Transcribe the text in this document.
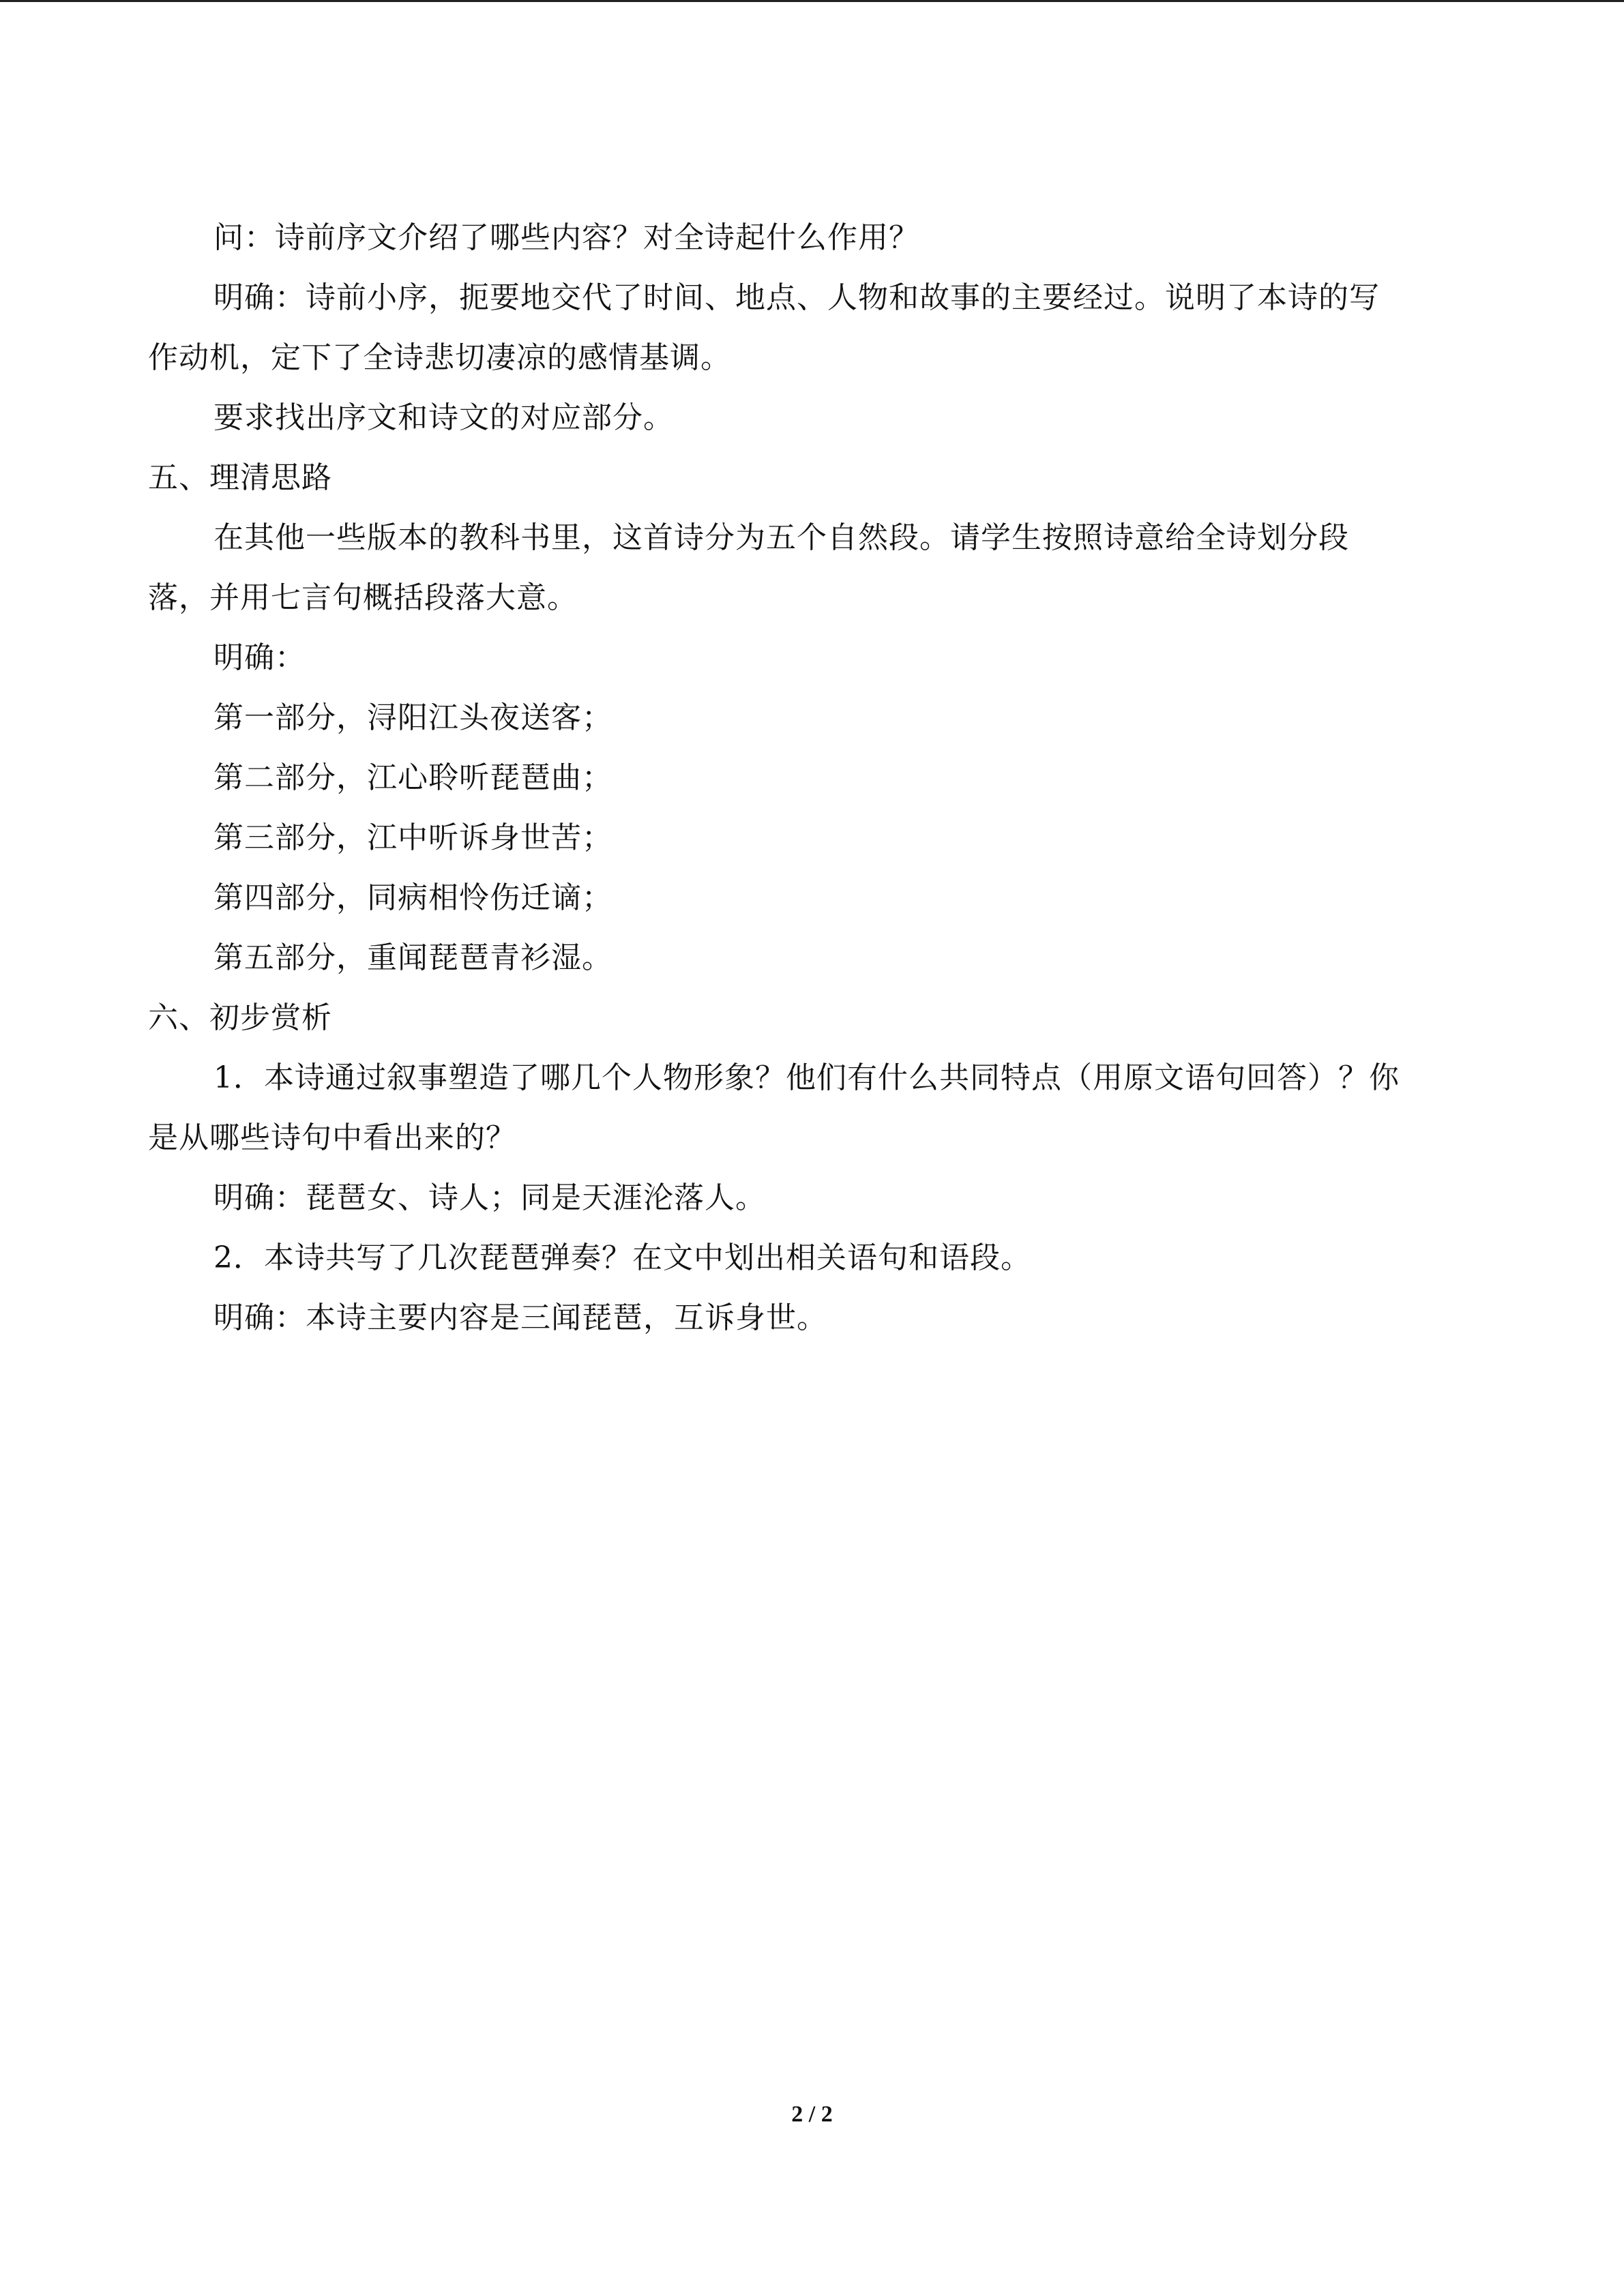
问：诗前序文介绍了哪些内容？对全诗起什么作用？
明确：诗前小序，扼要地交代了时间、地点、人物和故事的主要经过。说明了本诗的写
作动机，定下了全诗悲切凄凉的感情基调。
要求找出序文和诗文的对应部分。
五、理清思路
在其他一些版本的教科书里，这首诗分为五个自然段。请学生按照诗意给全诗划分段
落，并用七言句概括段落大意。
明确：
第一部分，浔阳江头夜送客；
第二部分，江心聆听琵琶曲；
第三部分，江中听诉身世苦；
第四部分，同病相怜伤迁谪；
第五部分，重闻琵琶青衫湿。
六、初步赏析
1．本诗通过叙事塑造了哪几个人物形象？他们有什么共同特点（用原文语句回答）？你
是从哪些诗句中看出来的？
明确：琵琶女、诗人；同是天涯沦落人。
2．本诗共写了几次琵琶弹奏？在文中划出相关语句和语段。
明确：本诗主要内容是三闻琵琶，互诉身世。
2 / 2
